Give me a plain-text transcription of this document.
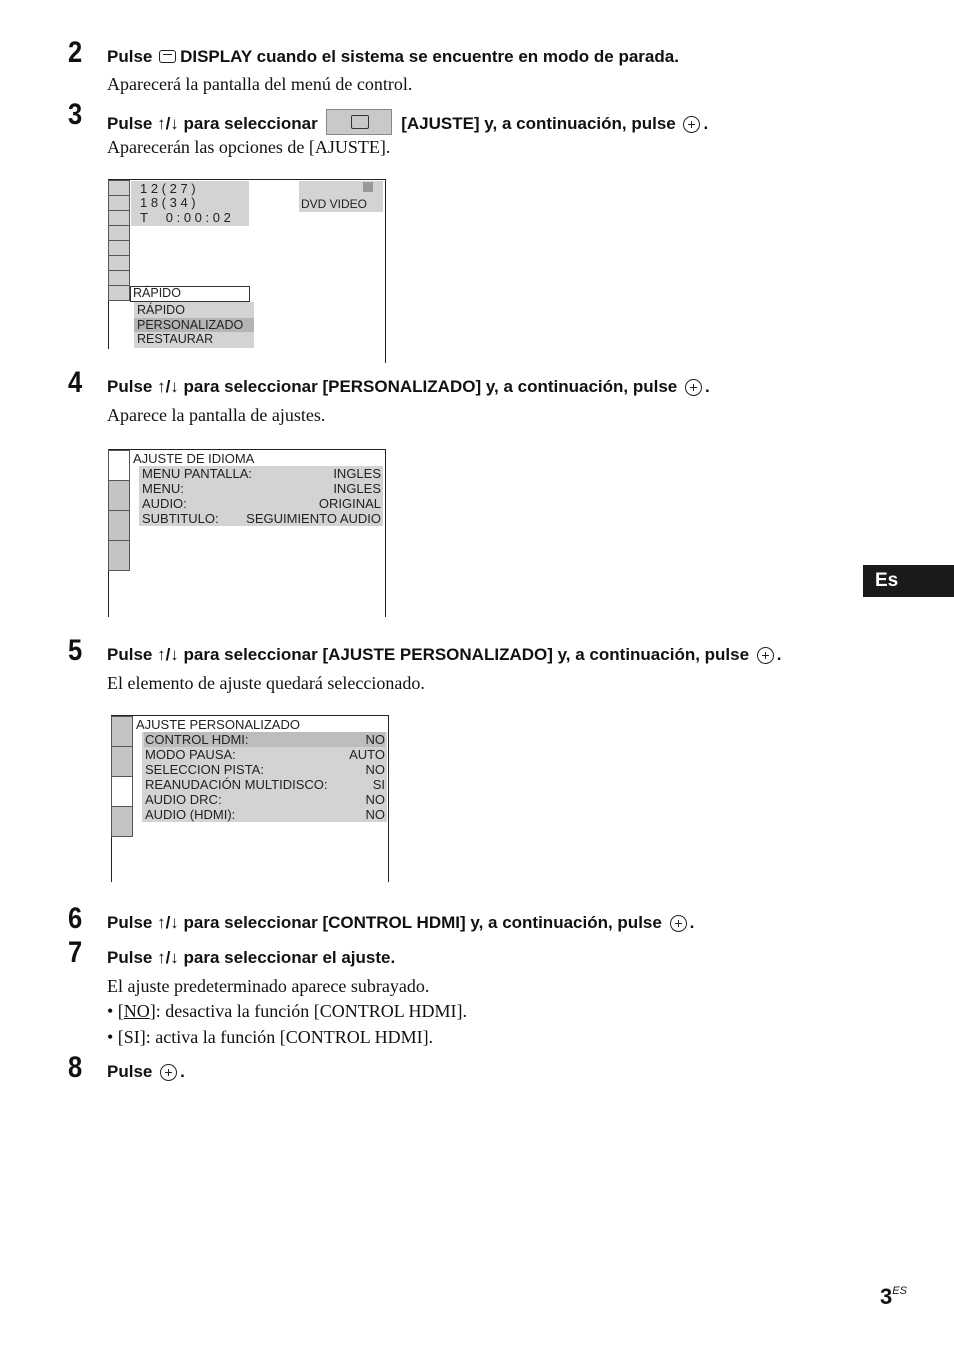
2 Pulse DISPLAY cuando el sistema se encuentre en modo de parada.
Aparecerá la pantalla del menú de control.
3 Pulse ↑/↓ para seleccionar	[AJUSTE] y, a continuación, pulse .
Aparecerán las opciones de [AJUSTE].
1 2 ( 2 7 )
1 8 ( 3 4 )
T     0 : 0 0 : 0 2
DVD VIDEO
RÁPIDO
RÁPIDO
PERSONALIZADO
RESTAURAR
4 Pulse ↑/↓ para seleccionar [PERSONALIZADO] y, a continuación, pulse .
Aparece la pantalla de ajustes.
AJUSTE DE IDIOMA
MENU PANTALLA:	INGLES
MENU:	INGLES
AUDIO:	ORIGINAL
SUBTITULO: SEGUIMIENTO AUDIO
Es
5 Pulse ↑/↓ para seleccionar [AJUSTE PERSONALIZADO] y, a continuación, pulse .
El elemento de ajuste quedará seleccionado.
AJUSTE PERSONALIZADO
CONTROL HDMI:	NO
MODO PAUSA:	AUTO
SELECCION PISTA:	NO
REANUDACIÓN MULTIDISCO:	SI
AUDIO DRC:	NO
AUDIO (HDMI):	NO
6 Pulse ↑/↓ para seleccionar [CONTROL HDMI] y, a continuación, pulse .
7 Pulse ↑/↓ para seleccionar el ajuste.
El ajuste predeterminado aparece subrayado.
• [NO]: desactiva la función [CONTROL HDMI].
• [SI]: activa la función [CONTROL HDMI].
8 Pulse .
$3^{ES}$
